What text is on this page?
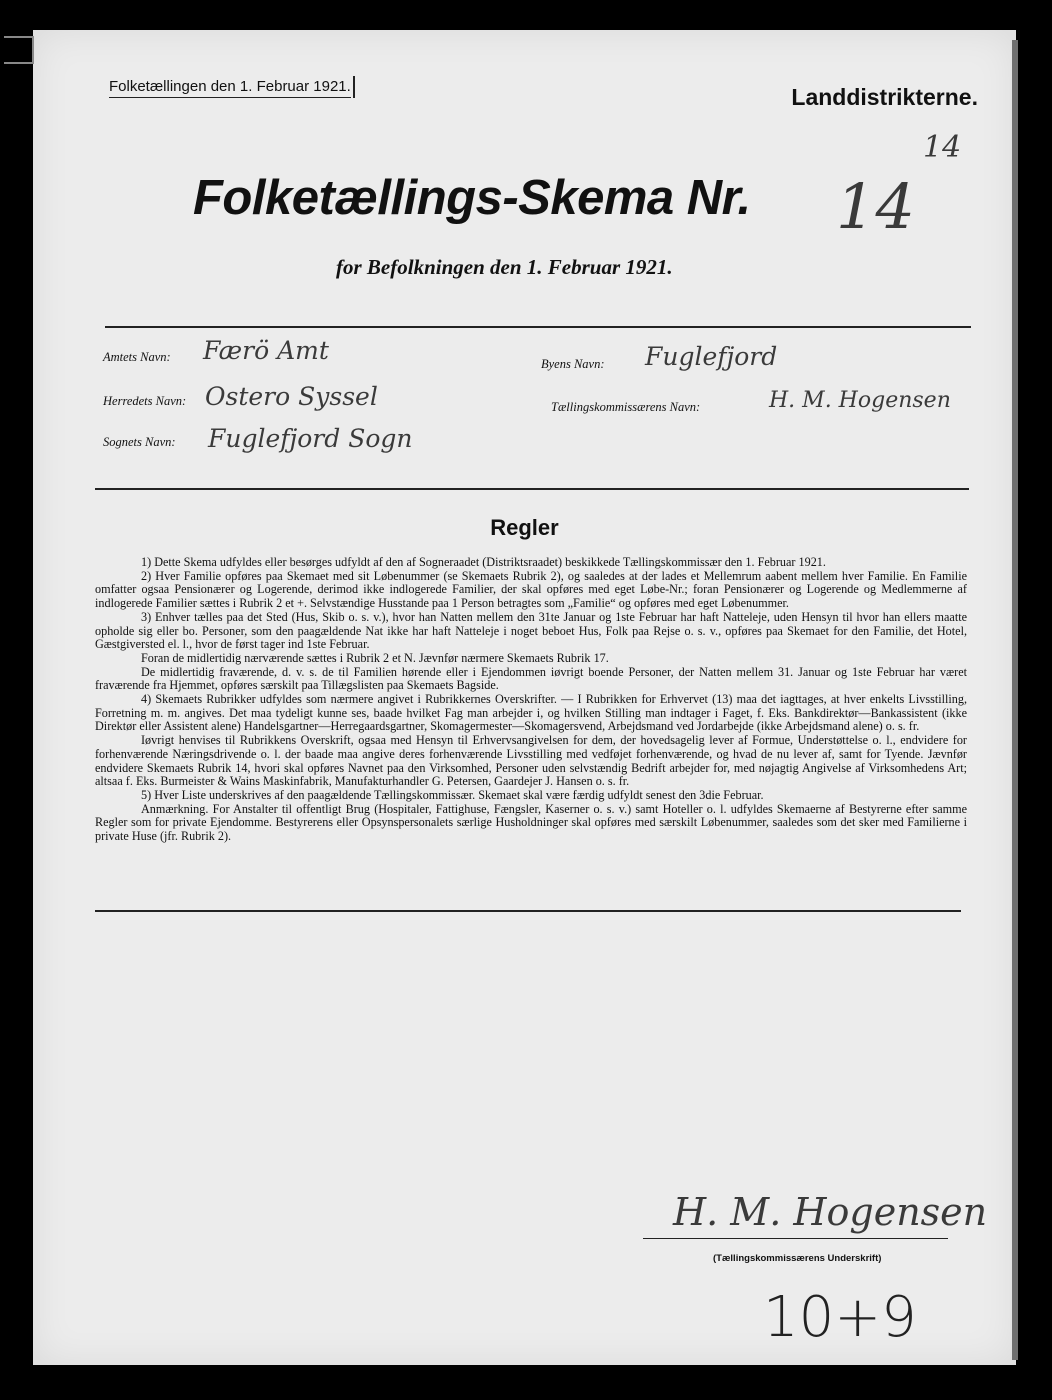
Folketællingen den 1. Februar 1921.	Landdistrikterne.
14
Folketællings-Skema Nr. 14
for Befolkningen den 1. Februar 1921.
Amtets Navn: Færö Amt	Byens Navn: Fuglefjord
Herredets Navn: Ostero Syssel	Tællingskommissærens Navn:	H. M. Hogensen
Sognets Navn: Fuglefjord Sogn
Regler

1) Dette Skema udfyldes eller besørges udfyldt af den af Sogneraadet (Distriktsraadet) beskikkede Tællingskommissær den 1. Februar 1921.

2) Hver Familie opføres paa Skemaet med sit Løbenummer (se Skemaets Rubrik 2), og saaledes at der lades et Mellemrum aabent mellem hver Familie. En Familie omfatter ogsaa Pensionærer og Logerende, derimod ikke indlogerede Familier, der skal opføres med eget Løbe-Nr.; foran Pensionærer og Logerende og Medlemmerne af indlogerede Familier sættes i Rubrik 2 et +. Selvstændige Husstande paa 1 Person betragtes som „Familie“ og opføres med eget Løbenummer.

3) Enhver tælles paa det Sted (Hus, Skib o. s. v.), hvor han Natten mellem den 31te Januar og 1ste Februar har haft Natteleje, uden Hensyn til hvor han ellers maatte opholde sig eller bo. Personer, som den paagældende Nat ikke har haft Natteleje i noget beboet Hus, Folk paa Rejse o. s. v., opføres paa Skemaet for den Familie, det Hotel, Gæstgiversted el. l., hvor de først tager ind 1ste Februar.

Foran de midlertidig nærværende sættes i Rubrik 2 et N. Jævnfør nærmere Skemaets Rubrik 17.

De midlertidig fraværende, d. v. s. de til Familien hørende eller i Ejendommen iøvrigt boende Personer, der Natten mellem 31. Januar og 1ste Februar har været fraværende fra Hjemmet, opføres særskilt paa Tillægslisten paa Skemaets Bagside.

4) Skemaets Rubrikker udfyldes som nærmere angivet i Rubrikkernes Overskrifter. — I Rubrikken for Erhvervet (13) maa det iagttages, at hver enkelts Livsstilling, Forretning m. m. angives. Det maa tydeligt kunne ses, baade hvilket Fag man arbejder i, og hvilken Stilling man indtager i Faget, f. Eks. Bankdirektør—Bankassistent (ikke Direktør eller Assistent alene) Handelsgartner—Herregaardsgartner, Skomagermester—Skomagersvend, Arbejdsmand ved Jordarbejde (ikke Arbejdsmand alene) o. s. fr.

Iøvrigt henvises til Rubrikkens Overskrift, ogsaa med Hensyn til Erhvervsangivelsen for dem, der hovedsagelig lever af Formue, Understøttelse o. l., endvidere for forhenværende Næringsdrivende o. l. der baade maa angive deres forhenværende Livsstilling med vedføjet forhenværende, og hvad de nu lever af, samt for Tyende. Jævnfør endvidere Skemaets Rubrik 14, hvori skal opføres Navnet paa den Virksomhed, Personer uden selvstændig Bedrift arbejder for, med nøjagtig Angivelse af Virksomhedens Art; altsaa f. Eks. Burmeister & Wains Maskinfabrik, Manufakturhandler G. Petersen, Gaardejer J. Hansen o. s. fr.

5) Hver Liste underskrives af den paagældende Tællingskommissær. Skemaet skal være færdig udfyldt senest den 3die Februar.

Anmærkning. For Anstalter til offentligt Brug (Hospitaler, Fattighuse, Fængsler, Kaserner o. s. v.) samt Hoteller o. l. udfyldes Skemaerne af Bestyrerne efter samme Regler som for private Ejendomme. Bestyrerens eller Opsynspersonalets særlige Husholdninger skal opføres med særskilt Løbenummer, saaledes som det sker med Familierne i private Huse (jfr. Rubrik 2).

H. M. Hogensen
(Tællingskommissærens Underskrift)
10+9
